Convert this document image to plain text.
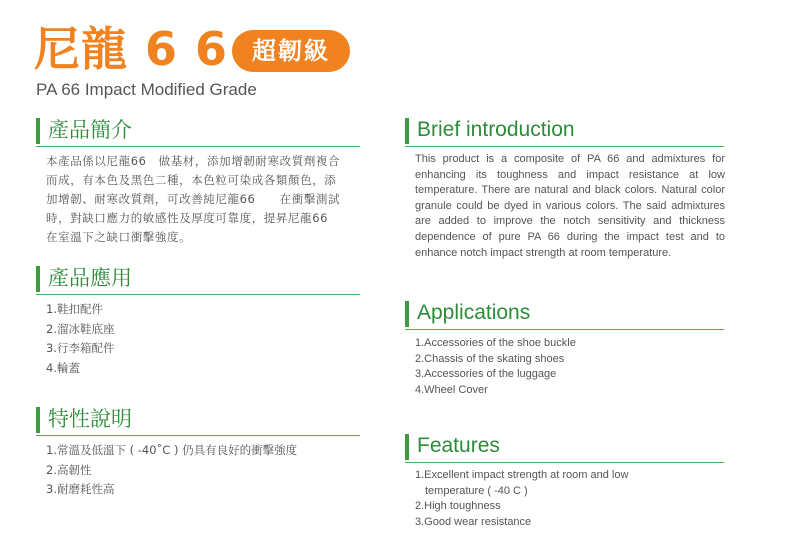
尼龍 6 6 超韌級
PA 66 Impact Modified Grade
產品簡介
本產品係以尼龍66　做基材，添加增韌耐寒改質劑複合
而成，有本色及黑色二種，本色粒可染成各類顏色，添
加增韌、耐寒改質劑，可改善純尼龍66　　在衝擊測試
時，對缺口應力的敏感性及厚度可靠度，提昇尼龍66
在室溫下之缺口衝擊強度。
產品應用
1.鞋扣配件
2.溜冰鞋底座
3.行李箱配件
4.輪蓋
特性說明
1.常溫及低溫下 ( -40˚C ) 仍具有良好的衝擊強度
2.高韌性
3.耐磨耗性高
Brief introduction
This product is a composite of PA 66 and admixtures for enhancing its toughness and impact resistance at low temperature. There are natural and black colors. Natural color granule could be dyed in various colors. The said admixtures are added to improve the notch sensitivity and thickness dependence of pure PA 66 during the impact test and to enhance notch impact strength at room temperature.
Applications
1.Accessories of the shoe buckle
2.Chassis of the skating shoes
3.Accessories of the luggage
4.Wheel Cover
Features
1.Excellent impact strength at room and low
temperature ( -40 C )
2.High toughness
3.Good wear resistance
